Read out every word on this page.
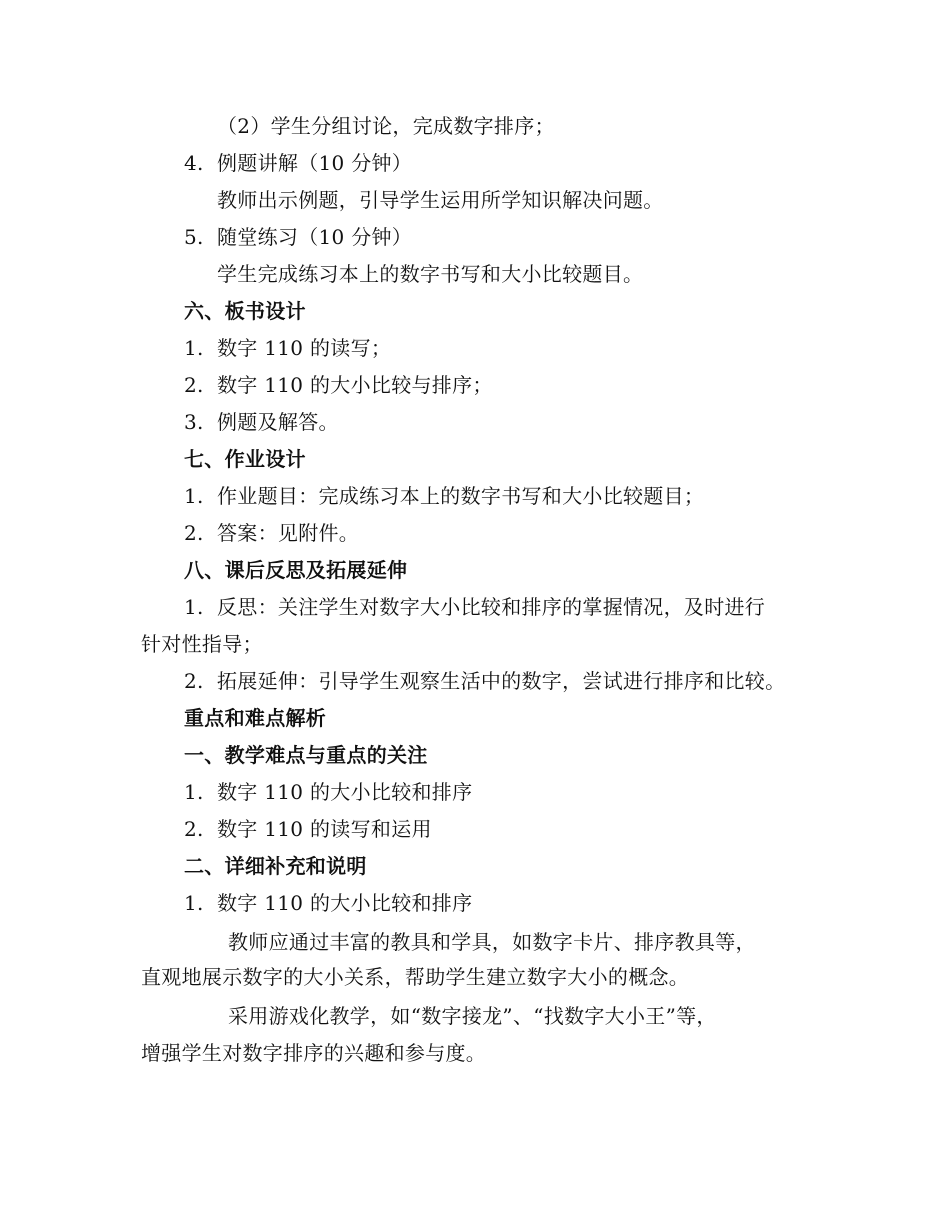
（2）学生分组讨论，完成数字排序；
4. 例题讲解（10 分钟）
教师出示例题，引导学生运用所学知识解决问题。
5. 随堂练习（10 分钟）
学生完成练习本上的数字书写和大小比较题目。
六、板书设计
1. 数字 110 的读写；
2. 数字 110 的大小比较与排序；
3. 例题及解答。
七、作业设计
1. 作业题目：完成练习本上的数字书写和大小比较题目；
2. 答案：见附件。
八、课后反思及拓展延伸
1. 反思：关注学生对数字大小比较和排序的掌握情况，及时进行
针对性指导；
2. 拓展延伸：引导学生观察生活中的数字，尝试进行排序和比较。
重点和难点解析
一、教学难点与重点的关注
1. 数字 110 的大小比较和排序
2. 数字 110 的读写和运用
二、详细补充和说明
1. 数字 110 的大小比较和排序
教师应通过丰富的教具和学具，如数字卡片、排序教具等，
直观地展示数字的大小关系，帮助学生建立数字大小的概念。
采用游戏化教学，如“数字接龙”、“找数字大小王”等，
增强学生对数字排序的兴趣和参与度。
